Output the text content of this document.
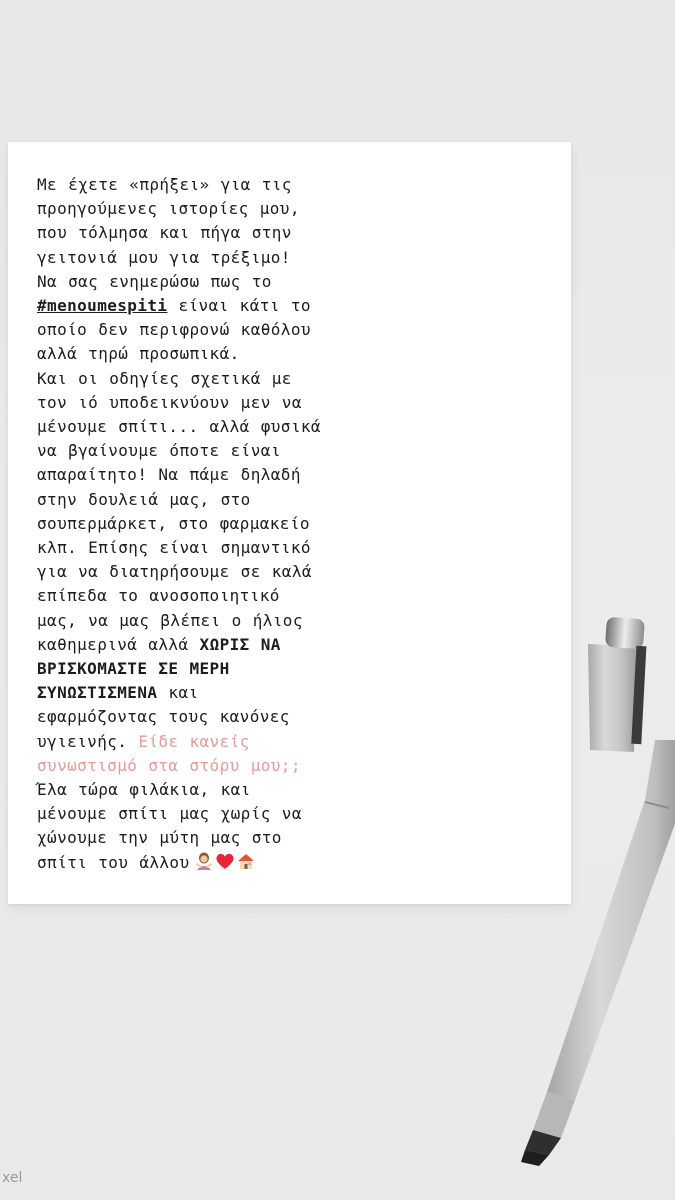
Με έχετε «πρήξει» για τις

προηγούμενες ιστορίες μου,

που τόλμησα και πήγα στην

γειτονιά μου για τρέξιμο!

Να σας ενημερώσω πως το

#menoumespiti είναι κάτι το

οποίο δεν περιφρονώ καθόλου

αλλά τηρώ προσωπικά.

Και οι οδηγίες σχετικά με

τον ιό υποδεικνύουν μεν να

μένουμε σπίτι... αλλά φυσικά

να βγαίνουμε όποτε είναι

απαραίτητο! Να πάμε δηλαδή

στην δουλειά μας, στο

σουπερμάρκετ, στο φαρμακείο

κλπ. Επίσης είναι σημαντικό

για να διατηρήσουμε σε καλά

επίπεδα το ανοσοποιητικό

μας, να μας βλέπει ο ήλιος

καθημερινά αλλά ΧΩΡΙΣ ΝΑ

ΒΡΙΣΚΟΜΑΣΤΕ ΣΕ ΜΕΡΗ

ΣΥΝΩΣΤΙΣΜΕΝΑ και

εφαρμόζοντας τους κανόνες

υγιεινής. Είδε κανείς

συνωστισμό στα στόρυ μου;;

Έλα τώρα φιλάκια, και

μένουμε σπίτι μας χωρίς να

χώνουμε την μύτη μας στο

σπίτι του άλλου

xel
